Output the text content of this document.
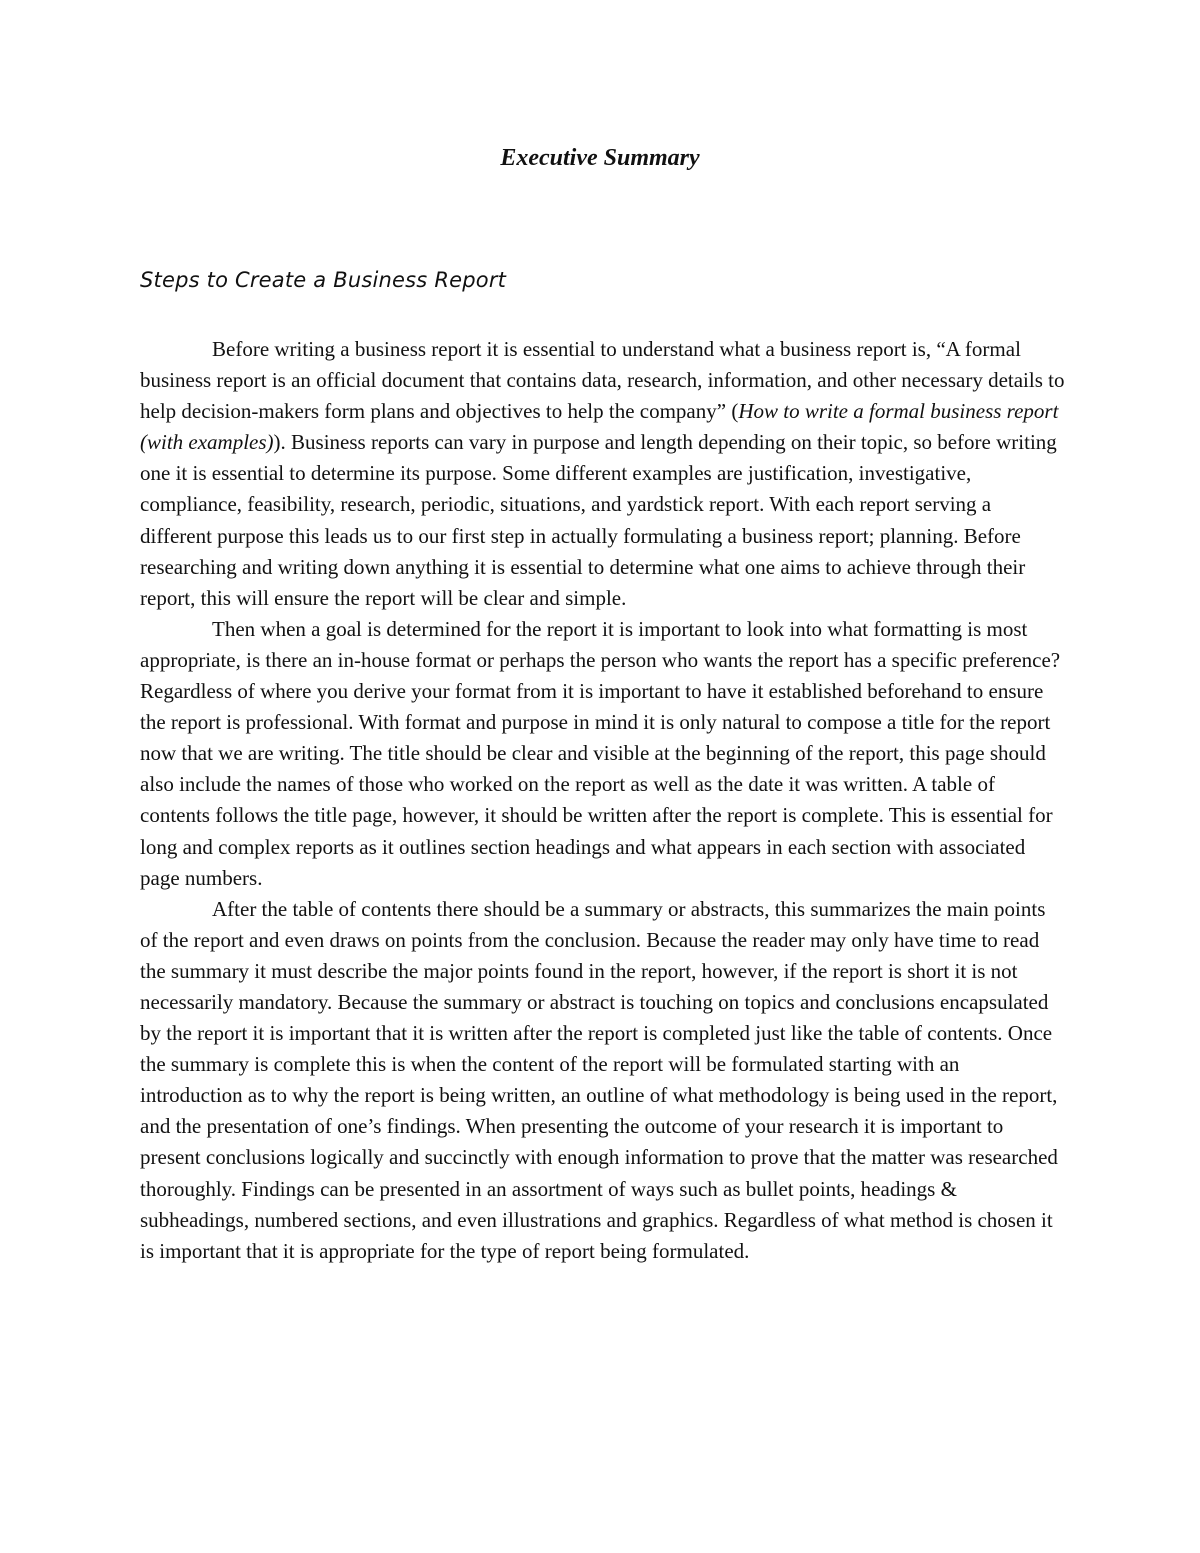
Executive Summary
Steps to Create a Business Report

Before writing a business report it is essential to understand what a business report is, “A formal business report is an official document that contains data, research, information, and other necessary details to help decision-makers form plans and objectives to help the company” (How to write a formal business report (with examples)). Business reports can vary in purpose and length depending on their topic, so before writing one it is essential to determine its purpose. Some different examples are justification, investigative, compliance, feasibility, research, periodic, situations, and yardstick report. With each report serving a different purpose this leads us to our first step in actually formulating a business report; planning. Before researching and writing down anything it is essential to determine what one aims to achieve through their report, this will ensure the report will be clear and simple.

Then when a goal is determined for the report it is important to look into what formatting is most appropriate, is there an in-house format or perhaps the person who wants the report has a specific preference? Regardless of where you derive your format from it is important to have it established beforehand to ensure the report is professional. With format and purpose in mind it is only natural to compose a title for the report now that we are writing. The title should be clear and visible at the beginning of the report, this page should also include the names of those who worked on the report as well as the date it was written. A table of contents follows the title page, however, it should be written after the report is complete. This is essential for long and complex reports as it outlines section headings and what appears in each section with associated page numbers.

After the table of contents there should be a summary or abstracts, this summarizes the main points of the report and even draws on points from the conclusion. Because the reader may only have time to read the summary it must describe the major points found in the report, however, if the report is short it is not necessarily mandatory. Because the summary or abstract is touching on topics and conclusions encapsulated by the report it is important that it is written after the report is completed just like the table of contents. Once the summary is complete this is when the content of the report will be formulated starting with an introduction as to why the report is being written, an outline of what methodology is being used in the report, and the presentation of one’s findings. When presenting the outcome of your research it is important to present conclusions logically and succinctly with enough information to prove that the matter was researched thoroughly. Findings can be presented in an assortment of ways such as bullet points, headings & subheadings, numbered sections, and even illustrations and graphics. Regardless of what method is chosen it is important that it is appropriate for the type of report being formulated.
